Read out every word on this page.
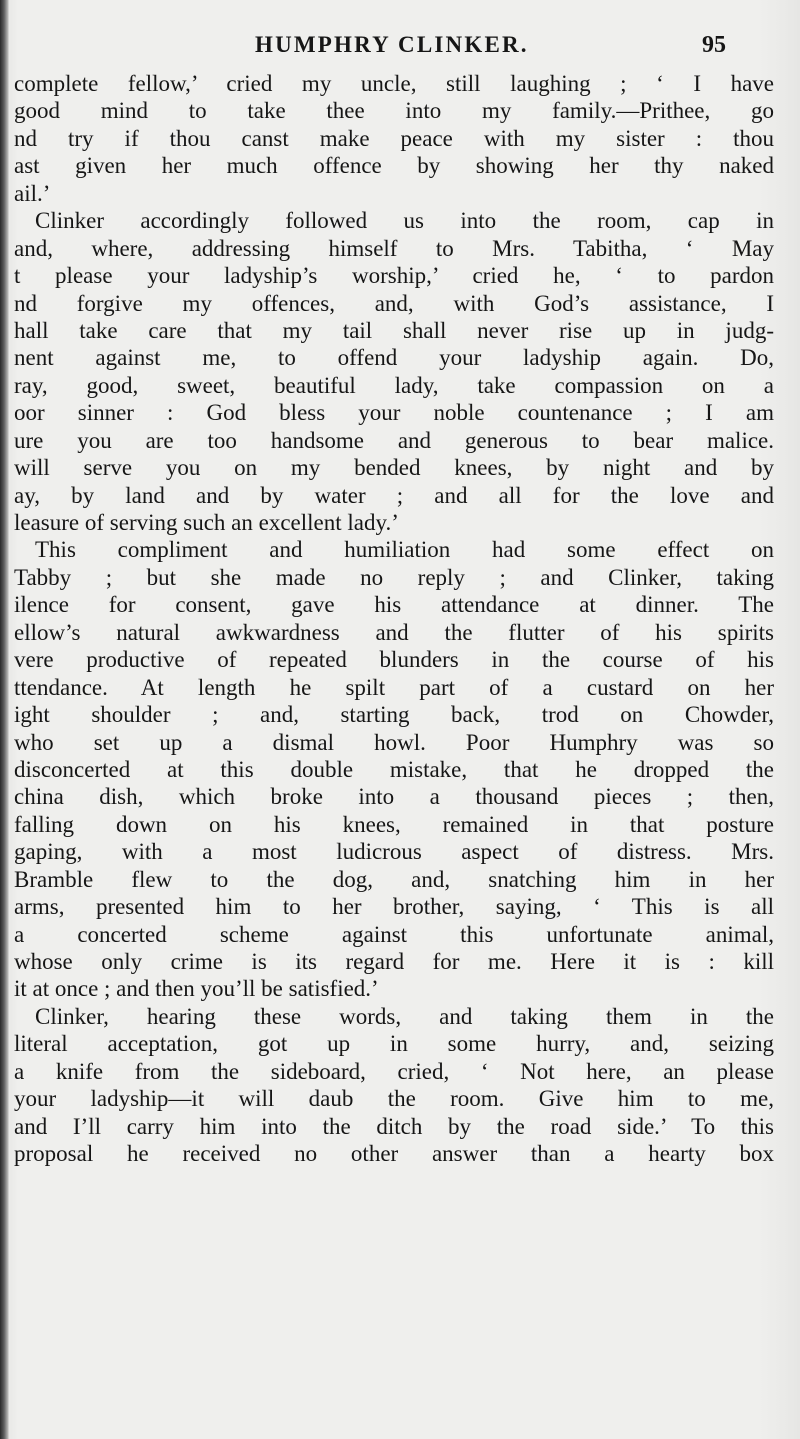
HUMPHRY CLINKER.	95
complete fellow,’ cried my uncle, still laughing ; ‘ I have
good mind to take thee into my family.—Prithee, go
nd try if thou canst make peace with my sister : thou
ast given her much offence by showing her thy naked
ail.’
Clinker accordingly followed us into the room, cap in
and, where, addressing himself to Mrs. Tabitha, ‘ May
t please your ladyship’s worship,’ cried he, ‘ to pardon
nd forgive my offences, and, with God’s assistance, I
hall take care that my tail shall never rise up in judg-
nent against me, to offend your ladyship again. Do,
ray, good, sweet, beautiful lady, take compassion on a
oor sinner : God bless your noble countenance ; I am
ure you are too handsome and generous to bear malice.
will serve you on my bended knees, by night and by
ay, by land and by water ; and all for the love and
leasure of serving such an excellent lady.’
This compliment and humiliation had some effect on
Tabby ; but she made no reply ; and Clinker, taking
ilence for consent, gave his attendance at dinner. The
ellow’s natural awkwardness and the flutter of his spirits
vere productive of repeated blunders in the course of his
ttendance. At length he spilt part of a custard on her
ight shoulder ; and, starting back, trod on Chowder,
who set up a dismal howl. Poor Humphry was so
disconcerted at this double mistake, that he dropped the
china dish, which broke into a thousand pieces ; then,
falling down on his knees, remained in that posture
gaping, with a most ludicrous aspect of distress. Mrs.
Bramble flew to the dog, and, snatching him in her
arms, presented him to her brother, saying, ‘ This is all
a concerted scheme against this unfortunate animal,
whose only crime is its regard for me. Here it is : kill
it at once ; and then you’ll be satisfied.’
Clinker, hearing these words, and taking them in the
literal acceptation, got up in some hurry, and, seizing
a knife from the sideboard, cried, ‘ Not here, an please
your ladyship—it will daub the room. Give him to me,
and I’ll carry him into the ditch by the road side.’ To this
proposal he received no other answer than a hearty box
